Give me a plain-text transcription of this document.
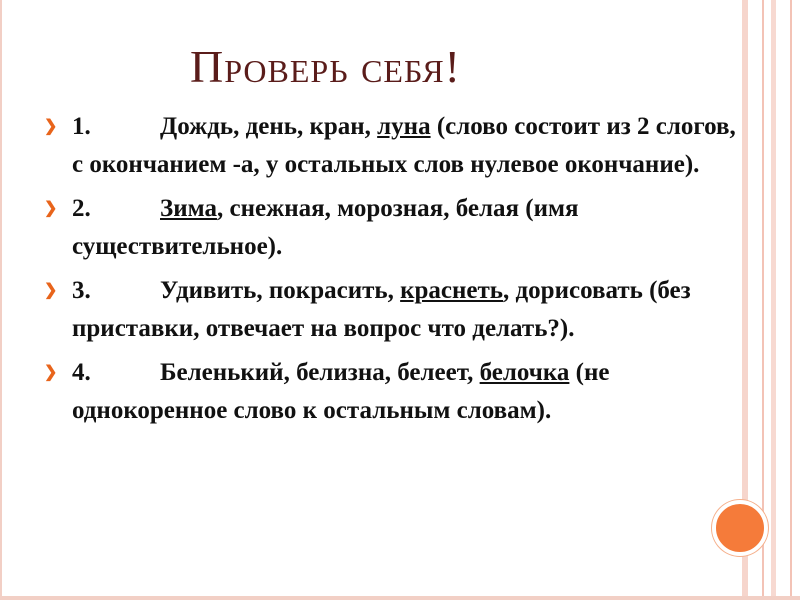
Проверь себя!
❯ 1.	Дождь, день, кран, луна (слово состоит из 2 слогов, с окончанием -а, у остальных слов нулевое окончание).
❯ 2.	Зима, снежная, морозная, белая (имя существительное).
❯ 3.	Удивить, покрасить, краснеть, дорисовать (без приставки, отвечает на вопрос что делать?).
❯ 4.	Беленький, белизна, белеет, белочка (не однокоренное слово к остальным словам).
